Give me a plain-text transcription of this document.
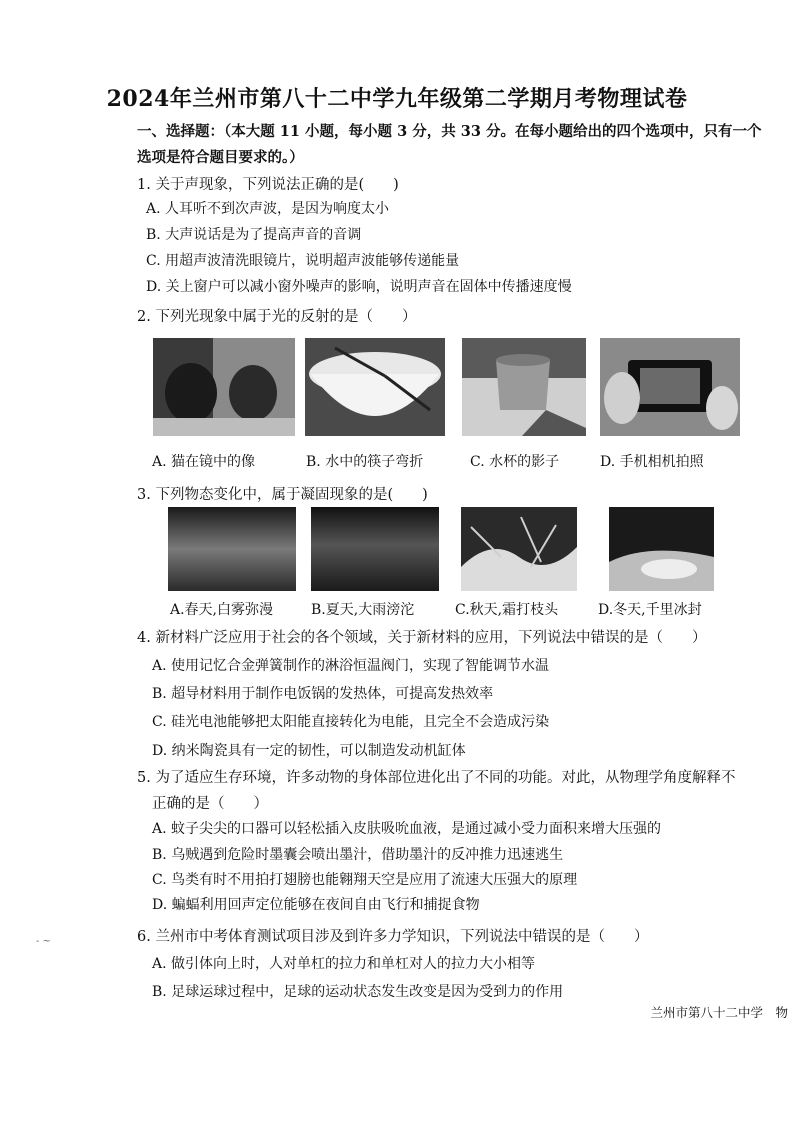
2024年兰州市第八十二中学九年级第二学期月考物理试卷
一、选择题：（本大题 11 小题，每小题 3 分，共 33 分。在每小题给出的四个选项中，只有一个
选项是符合题目要求的。）
1. 关于声现象，下列说法正确的是(　　)
A. 人耳听不到次声波，是因为响度太小
B. 大声说话是为了提高声音的音调
C. 用超声波清洗眼镜片，说明超声波能够传递能量
D. 关上窗户可以减小窗外噪声的影响，说明声音在固体中传播速度慢
2. 下列光现象中属于光的反射的是（　　）
A. 猫在镜中的像	B. 水中的筷子弯折	C. 水杯的影子	D. 手机相机拍照
3. 下列物态变化中，属于凝固现象的是(　　)
A.春天,白雾弥漫	B.夏天,大雨滂沱	C.秋天,霜打枝头	D.冬天,千里冰封
4. 新材料广泛应用于社会的各个领域，关于新材料的应用，下列说法中错误的是（　　）
A. 使用记忆合金弹簧制作的淋浴恒温阀门，实现了智能调节水温
B. 超导材料用于制作电饭锅的发热体，可提高发热效率
C. 硅光电池能够把太阳能直接转化为电能，且完全不会造成污染
D. 纳米陶瓷具有一定的韧性，可以制造发动机缸体
5. 为了适应生存环境，许多动物的身体部位进化出了不同的功能。对此，从物理学角度解释不
正确的是（　　）
A. 蚊子尖尖的口器可以轻松插入皮肤吸吮血液，是通过减小受力面积来增大压强的
B. 乌贼遇到危险时墨囊会喷出墨汁，借助墨汁的反冲推力迅速逃生
C. 鸟类有时不用拍打翅膀也能翱翔天空是应用了流速大压强大的原理
D. 蝙蝠利用回声定位能够在夜间自由飞行和捕捉食物
- ~	6. 兰州市中考体育测试项目涉及到许多力学知识，下列说法中错误的是（　　）
A. 做引体向上时，人对单杠的拉力和单杠对人的拉力大小相等
B. 足球运球过程中，足球的运动状态发生改变是因为受到力的作用
兰州市第八十二中学　物
